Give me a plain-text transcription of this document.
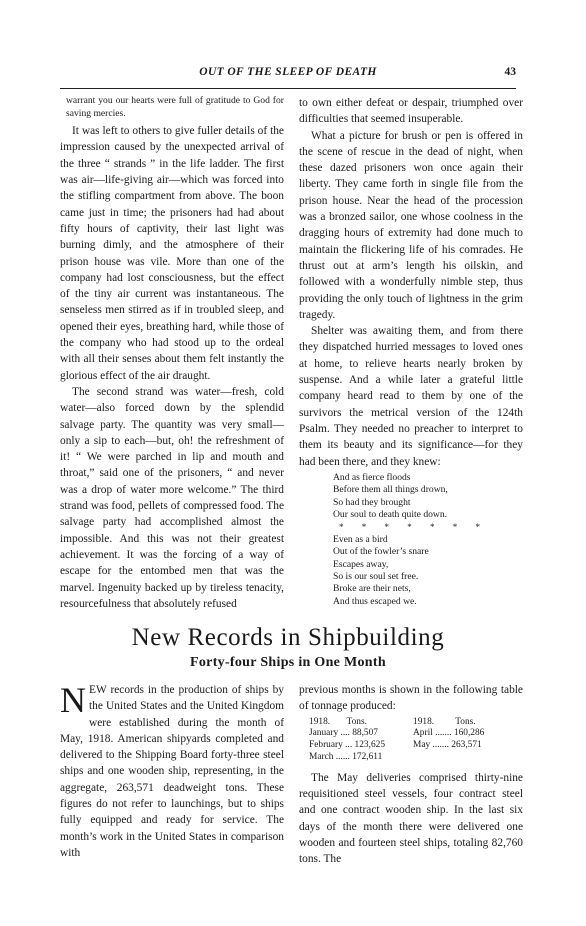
OUT OF THE SLEEP OF DEATH	43

warrant you our hearts were full of gratitude to God for saving mercies.

It was left to others to give fuller details of the impression caused by the unexpected arrival of the three “ strands ” in the life ladder. The first was air—life-giving air—which was forced into the stifling compartment from above. The boon came just in time; the prisoners had had about fifty hours of captivity, their last light was burning dimly, and the atmosphere of their prison house was vile. More than one of the company had lost consciousness, but the effect of the tiny air current was instantaneous. The senseless men stirred as if in troubled sleep, and opened their eyes, breathing hard, while those of the company who had stood up to the ordeal with all their senses about them felt instantly the glorious effect of the air draught.

The second strand was water—fresh, cold water—also forced down by the splendid salvage party. The quantity was very small—only a sip to each—but, oh! the refreshment of it! “ We were parched in lip and mouth and throat,” said one of the prisoners, “ and never was a drop of water more welcome.” The third strand was food, pellets of compressed food. The salvage party had accomplished almost the impossible. And this was not their greatest achievement. It was the forcing of a way of escape for the entombed men that was the marvel. Ingenuity backed up by tireless tenacity, resourcefulness that absolutely refused

to own either defeat or despair, triumphed over difficulties that seemed insuperable.

What a picture for brush or pen is offered in the scene of rescue in the dead of night, when these dazed prisoners won once again their liberty. They came forth in single file from the prison house. Near the head of the procession was a bronzed sailor, one whose coolness in the dragging hours of extremity had done much to maintain the flickering life of his comrades. He thrust out at arm’s length his oilskin, and followed with a wonderfully nimble step, thus providing the only touch of lightness in the grim tragedy.

Shelter was awaiting them, and from there they dispatched hurried messages to loved ones at home, to relieve hearts nearly broken by suspense. And a while later a grateful little company heard read to them by one of the survivors the metrical version of the 124th Psalm. They needed no preacher to interpret to them its beauty and its significance—for they had been there, and they knew:

And as fierce floods
Before them all things drown,
So had they brought
Our soul to death quite down.
* * * * * * *
Even as a bird
Out of the fowler’s snare
Escapes away,
So is our soul set free.
Broke are their nets,
And thus escaped we.
New Records in Shipbuilding
Forty-four Ships in One Month

NEW records in the production of ships by the United States and the United Kingdom were established during the month of May, 1918. American shipyards completed and delivered to the Shipping Board forty-three steel ships and one wooden ship, representing, in the aggregate, 263,571 deadweight tons. These figures do not refer to launchings, but to ships fully equipped and ready for service. The month’s work in the United States in comparison with

previous months is shown in the following table of tonnage produced:

1918. Tons.	1918. Tons.
January .... 88,507	April ....... 160,286
February ... 123,625	May ....... 263,571
March ...... 172,611

The May deliveries comprised thirty-nine requisitioned steel vessels, four contract steel and one contract wooden ship. In the last six days of the month there were delivered one wooden and fourteen steel ships, totaling 82,760 tons. The
